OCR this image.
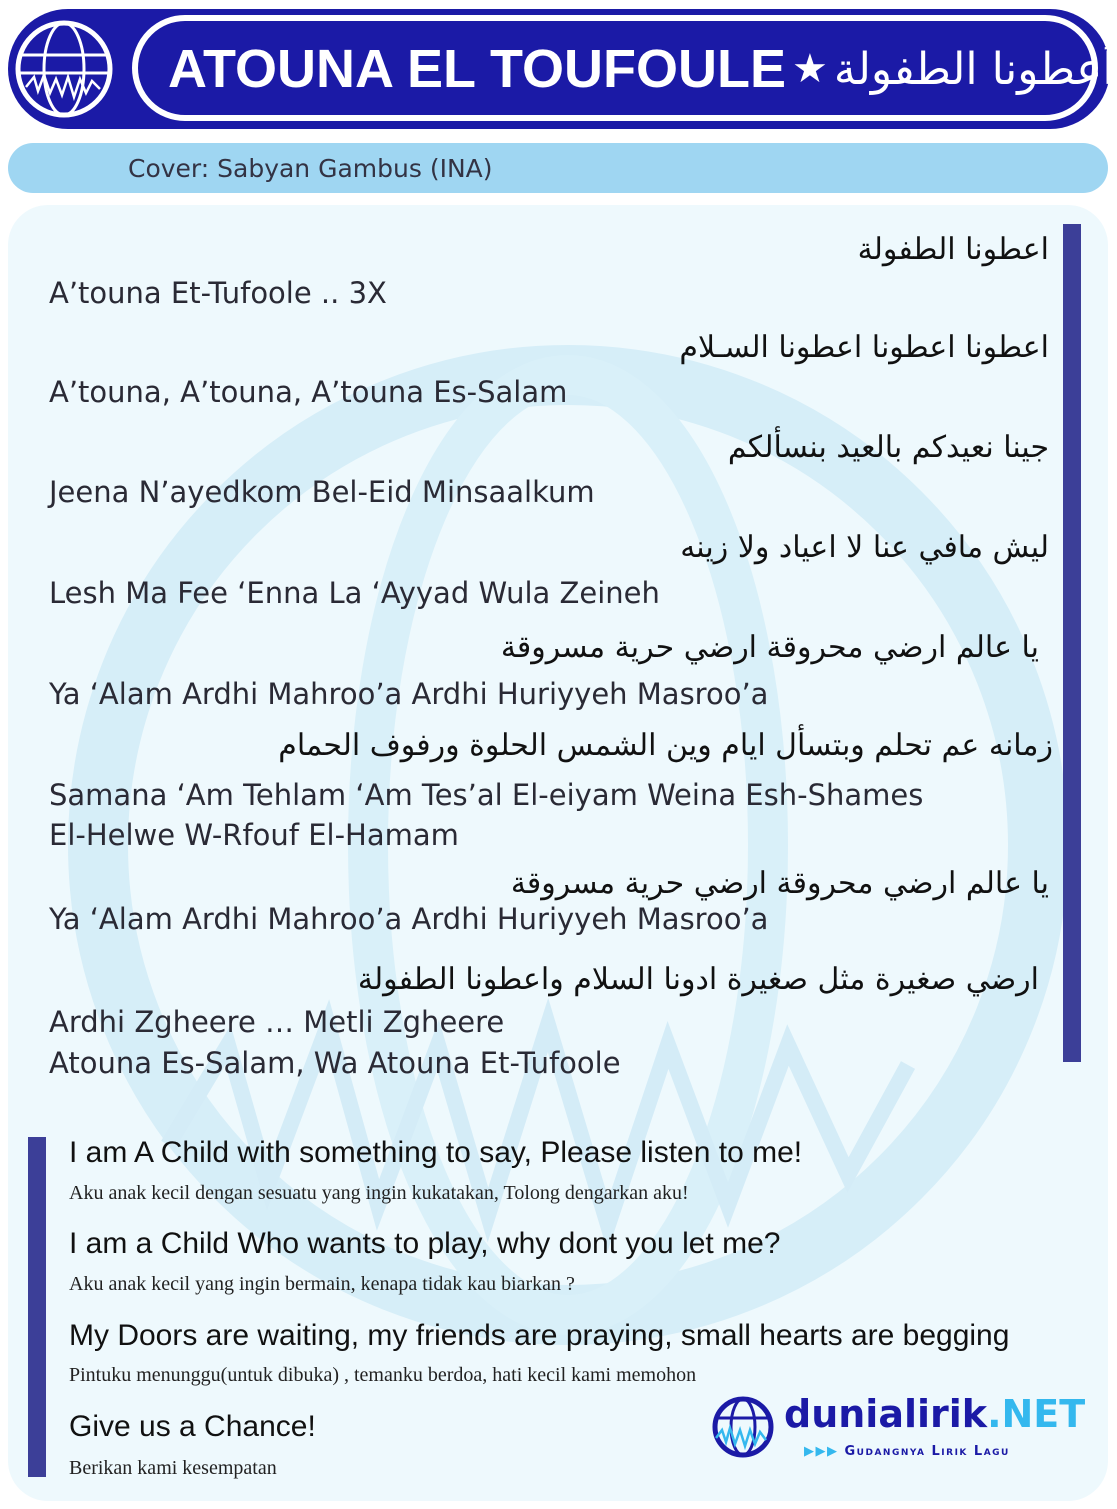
ATOUNA EL TOUFOULE ★ أعطونا الطفولة
Cover: Sabyan Gambus (INA)
اعطونا الطفولة
A’touna Et-Tufoole .. 3X
اعطونا اعطونا اعطونا السـلام
A’touna, A’touna, A’touna Es-Salam
جينا نعيدكم بالعيد بنسألكم
Jeena N’ayedkom Bel-Eid Minsaalkum
ليش مافي عنا لا اعياد ولا زينه
Lesh Ma Fee ‘Enna La ‘Ayyad Wula Zeineh
يا عالم ارضي محروقة ارضي حرية مسروقة
Ya ‘Alam Ardhi Mahroo’a Ardhi Huriyyeh Masroo’a
زمانه عم تحلم وبتسأل ايام وين الشمس الحلوة ورفوف الحمام
Samana ‘Am Tehlam ‘Am Tes’al El-eiyam Weina Esh-Shames
El-Helwe W-Rfouf El-Hamam
يا عالم ارضي محروقة ارضي حرية مسروقة
Ya ‘Alam Ardhi Mahroo’a Ardhi Huriyyeh Masroo’a
ارضي صغيرة مثل صغيرة ادونا السلام واعطونا الطفولة
Ardhi Zgheere … Metli Zgheere
Atouna Es-Salam, Wa Atouna Et-Tufoole
I am A Child with something to say, Please listen to me!
Aku anak kecil dengan sesuatu yang ingin kukatakan, Tolong dengarkan aku!
I am a Child Who wants to play, why dont you let me?
Aku anak kecil yang ingin bermain, kenapa tidak kau biarkan ?
My Doors are waiting, my friends are praying, small hearts are begging
Pintuku menunggu(untuk dibuka) , temanku berdoa, hati kecil kami memohon
Give us a Chance!
Berikan kami kesempatan
dunialirik.NET
▶▶▶ Gudangnya Lirik Lagu
